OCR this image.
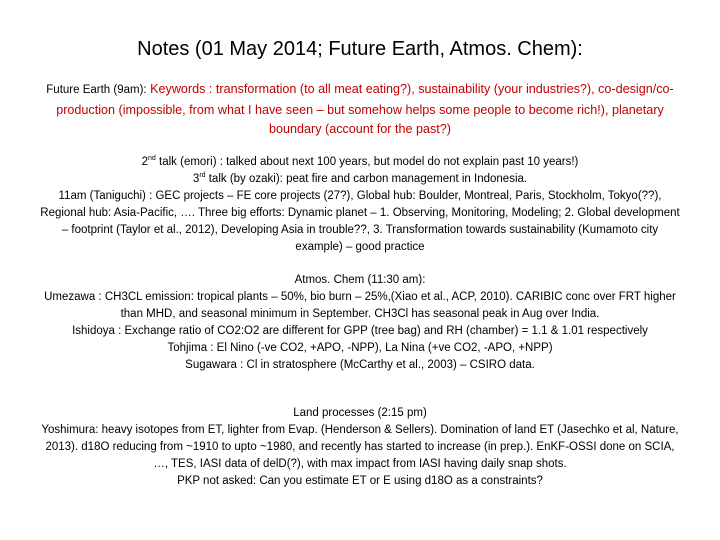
Notes (01 May 2014; Future Earth, Atmos. Chem):
Future Earth (9am): Keywords : transformation (to all meat eating?), sustainability (your industries?), co-design/co-production (impossible, from what I have seen – but somehow helps some people to become rich!), planetary boundary (account for the past?)
2nd talk (emori) : talked about next 100 years, but model do not explain past 10 years!)
3rd talk (by ozaki): peat fire and carbon management in Indonesia.
11am (Taniguchi) : GEC projects – FE core projects (27?), Global hub: Boulder, Montreal, Paris, Stockholm, Tokyo(??), Regional hub: Asia-Pacific, …. Three big efforts: Dynamic planet – 1. Observing, Monitoring, Modeling; 2. Global development – footprint (Taylor et al., 2012), Developing Asia in trouble??, 3. Transformation towards sustainability (Kumamoto city example) – good practice
Atmos. Chem (11:30 am):
Umezawa : CH3CL emission: tropical plants – 50%, bio burn – 25%,(Xiao et al., ACP, 2010). CARIBIC conc over FRT higher than MHD, and seasonal minimum in September. CH3Cl has seasonal peak in Aug over India.
Ishidoya : Exchange ratio of CO2:O2 are different for GPP (tree bag) and RH (chamber) = 1.1 & 1.01 respectively
Tohjima : El Nino (-ve CO2, +APO, -NPP), La Nina (+ve CO2, -APO, +NPP)
Sugawara : Cl in stratosphere (McCarthy et al., 2003) – CSIRO data.
Land processes (2:15 pm)
Yoshimura: heavy isotopes from ET, lighter from Evap. (Henderson & Sellers). Domination of land ET (Jasechko et al, Nature, 2013). d18O reducing from ~1910 to upto ~1980, and recently has started to increase (in prep.). EnKF-OSSI done on SCIA, …, TES, IASI data of delD(?), with max impact from IASI having daily snap shots.
PKP not asked: Can you estimate ET or E using d18O as a constraints?
